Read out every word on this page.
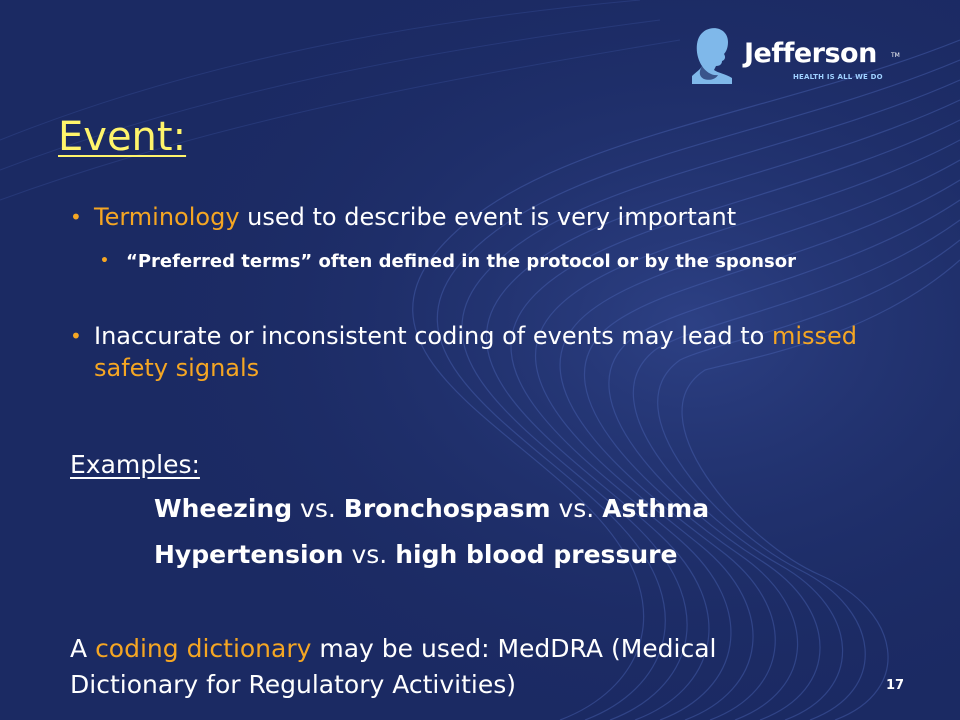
Jefferson TM
HEALTH IS ALL WE DO
Event:
• Terminology used to describe event is very important
• “Preferred terms” often defined in the protocol or by the sponsor
• Inaccurate or inconsistent coding of events may lead to missed safety signals
Examples:
Wheezing vs. Bronchospasm vs. Asthma
Hypertension vs. high blood pressure
A coding dictionary may be used: MedDRA (Medical Dictionary for Regulatory Activities)	17
